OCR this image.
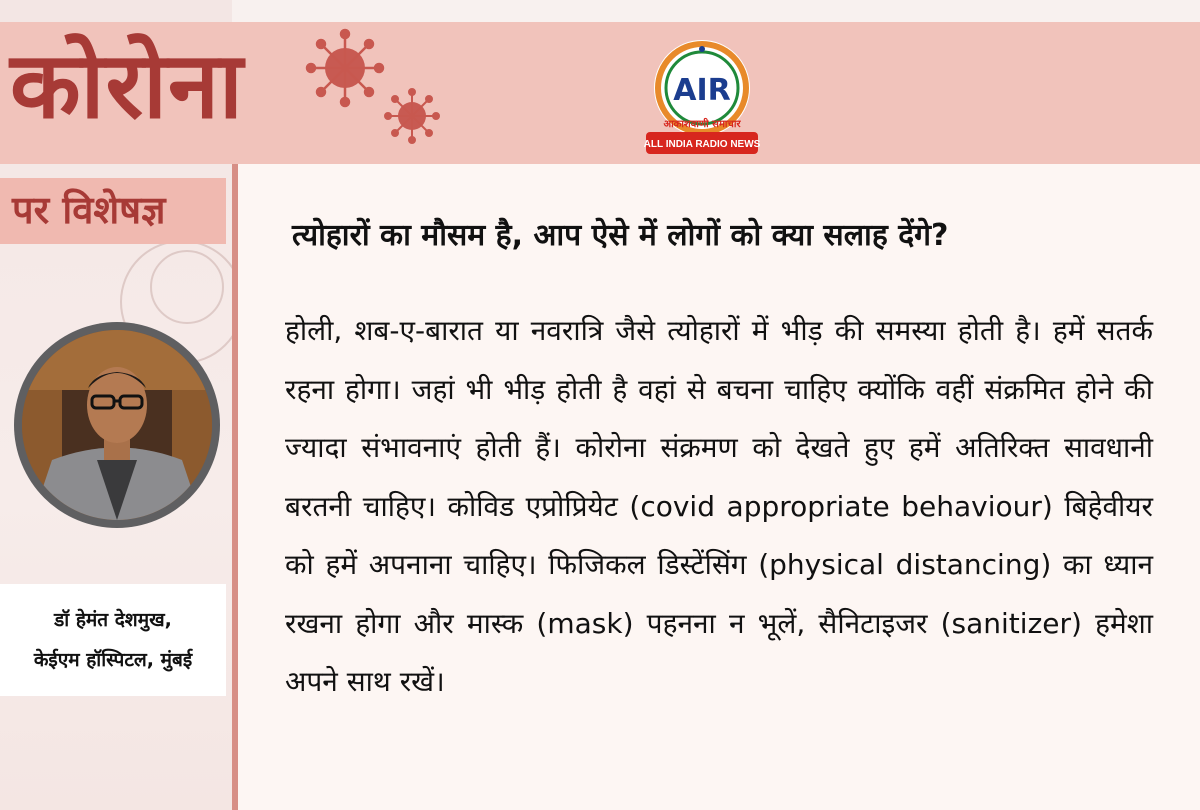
कोरोना	AIR
आकाशवाणी समाचार
ALL INDIA RADIO NEWS
पर विशेषज्ञ
त्योहारों का मौसम है, आप ऐसे में लोगों को क्या सलाह देंगे?

होली, शब-ए-बारात या नवरात्रि जैसे त्योहारों में भीड़ की समस्या होती है। हमें सतर्क रहना होगा। जहां भी भीड़ होती है वहां से बचना चाहिए क्योंकि वहीं संक्रमित होने की ज्यादा संभावनाएं होती हैं। कोरोना संक्रमण को देखते हुए हमें अतिरिक्त सावधानी बरतनी चाहिए। कोविड एप्रोप्रियेट (covid appropriate behaviour) बिहेवीयर को हमें अपनाना चाहिए। फिजिकल डिस्टेंसिंग (physical distancing) का ध्यान रखना होगा और मास्क (mask) पहनना न भूलें, सैनिटाइजर (sanitizer) हमेशा अपने साथ रखें।

डॉ हेमंत देशमुख,

केईएम हॉस्पिटल, मुंबई
